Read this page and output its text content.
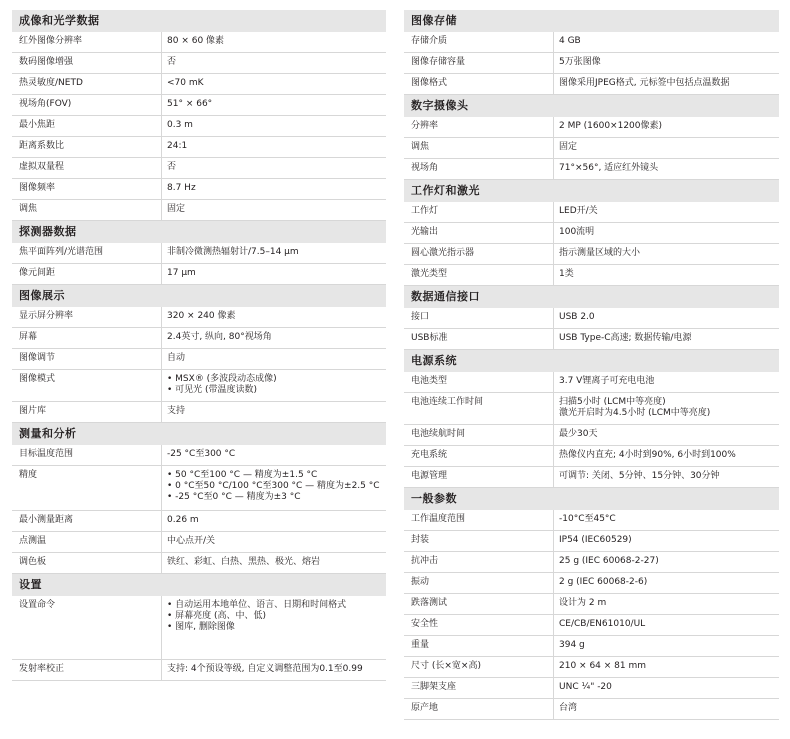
成像和光学数据
红外图像分辨率	80 × 60 像素
数码图像增强	否
热灵敏度/NETD	<70 mK
视场角(FOV)	51° × 66°
最小焦距	0.3 m
距离系数比	24:1
虚拟双量程	否
图像频率	8.7 Hz
调焦	固定
探测器数据
焦平面阵列/光谱范围	非制冷微测热辐射计/7.5–14 μm
像元间距	17 μm
图像展示
显示屏分辨率	320 × 240 像素
屏幕	2.4英寸, 纵向, 80°视场角
图像调节	自动
图像模式	• MSX® (多波段动态成像)
• 可见光 (带温度读数)
图片库	支持
测量和分析
目标温度范围	-25 °C至300 °C
精度	• 50 °C至100 °C — 精度为±1.5 °C
• 0 °C至50 °C/100 °C至300 °C — 精度为±2.5 °C
• -25 °C至0 °C — 精度为±3 °C
最小测量距离	0.26 m
点测温	中心点开/关
调色板	铁红、彩虹、白热、黑热、极光、熔岩
设置
设置命令	• 自动运用本地单位、语言、日期和时间格式
• 屏幕亮度 (高、中、低)
• 图库, 删除图像
发射率校正	支持: 4个预设等级, 自定义调整范围为0.1至0.99
图像存储
存储介质	4 GB
图像存储容量	5万张图像
图像格式	图像采用JPEG格式, 元标签中包括点温数据
数字摄像头
分辨率	2 MP (1600×1200像素)
调焦	固定
视场角	71°×56°, 适应红外镜头
工作灯和激光
工作灯	LED开/关
光输出	100流明
圆心激光指示器	指示测量区域的大小
激光类型	1类
数据通信接口
接口	USB 2.0
USB标准	USB Type-C高速; 数据传输/电源
电源系统
电池类型	3.7 V锂离子可充电电池
电池连续工作时间	扫描5小时 (LCM中等亮度)
激光开启时为4.5小时 (LCM中等亮度)
电池续航时间	最少30天
充电系统	热像仪内直充; 4小时到90%, 6小时到100%
电源管理	可调节: 关闭、5分钟、15分钟、30分钟
一般参数
工作温度范围	-10°C至45°C
封装	IP54 (IEC60529)
抗冲击	25 g (IEC 60068-2-27)
振动	2 g (IEC 60068-2-6)
跌落测试	设计为 2 m
安全性	CE/CB/EN61010/UL
重量	394 g
尺寸 (长×宽×高)	210 × 64 × 81 mm
三脚架支座	UNC ¼" -20
原产地	台湾
